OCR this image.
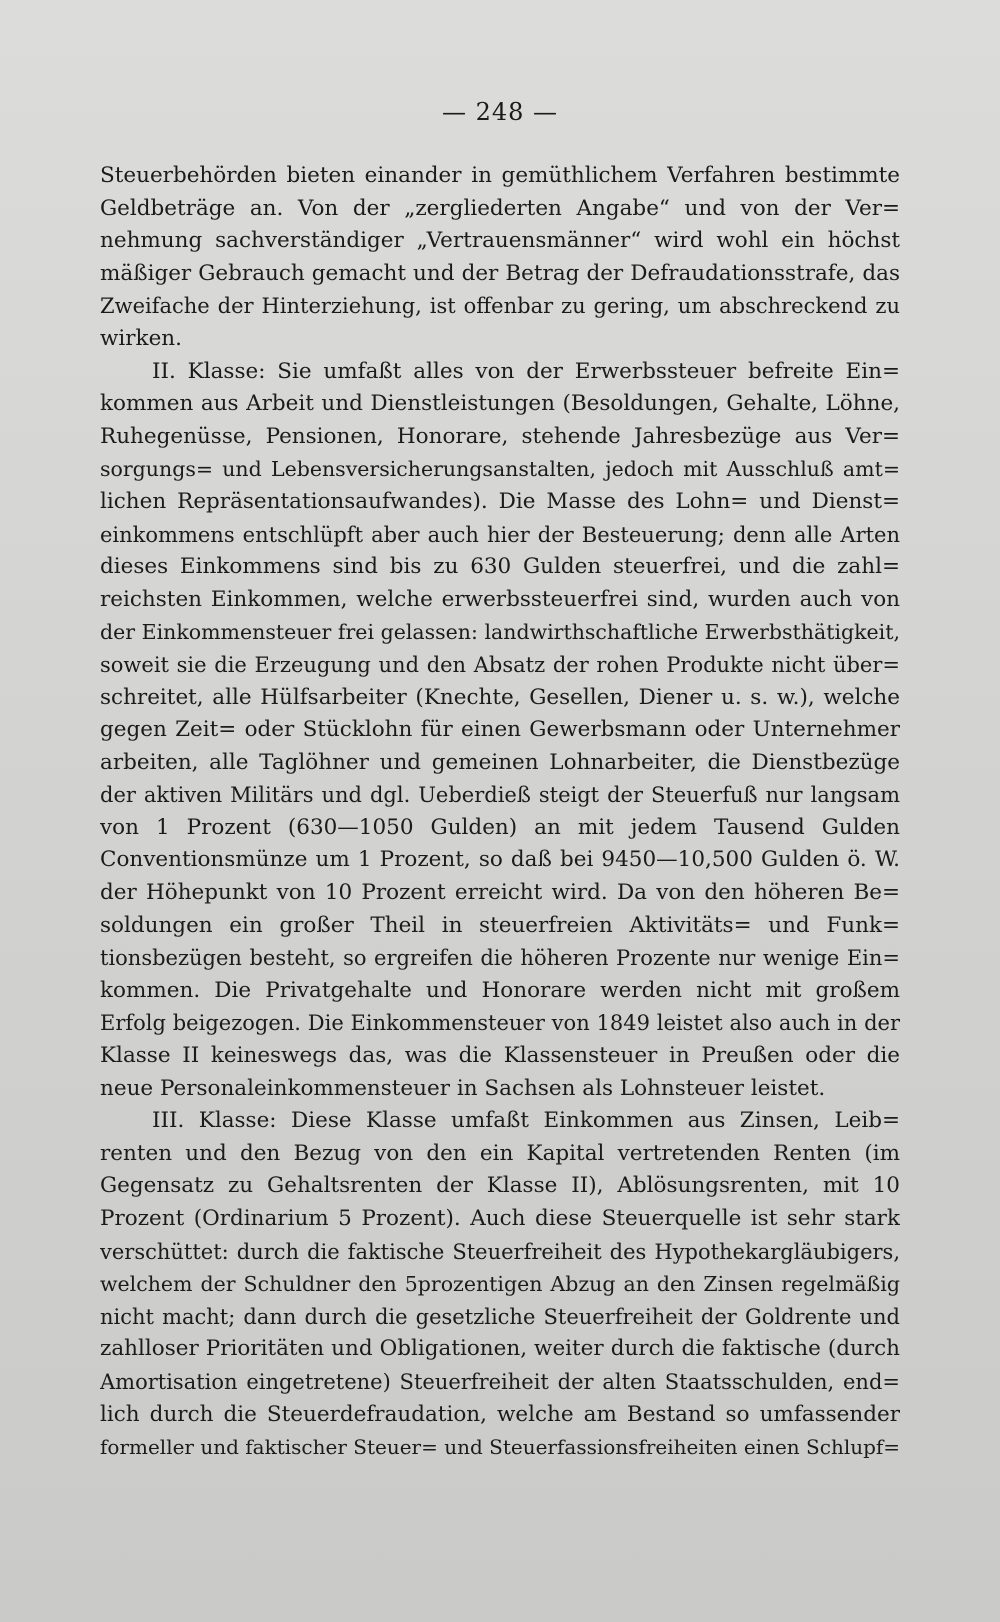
— 248 —
Steuerbehörden bieten einander in gemüthlichem Verfahren bestimmte
Geldbeträge an. Von der „zergliederten Angabe“ und von der Ver=
nehmung sachverständiger „Vertrauensmänner“ wird wohl ein höchst
mäßiger Gebrauch gemacht und der Betrag der Defraudationsstrafe, das
Zweifache der Hinterziehung, ist offenbar zu gering, um abschreckend zu
wirken.
II. Klasse: Sie umfaßt alles von der Erwerbssteuer befreite Ein=
kommen aus Arbeit und Dienstleistungen (Besoldungen, Gehalte, Löhne,
Ruhegenüsse, Pensionen, Honorare, stehende Jahresbezüge aus Ver=
sorgungs= und Lebensversicherungsanstalten, jedoch mit Ausschluß amt=
lichen Repräsentationsaufwandes). Die Masse des Lohn= und Dienst=
einkommens entschlüpft aber auch hier der Besteuerung; denn alle Arten
dieses Einkommens sind bis zu 630 Gulden steuerfrei, und die zahl=
reichsten Einkommen, welche erwerbssteuerfrei sind, wurden auch von
der Einkommensteuer frei gelassen: landwirthschaftliche Erwerbsthätigkeit,
soweit sie die Erzeugung und den Absatz der rohen Produkte nicht über=
schreitet, alle Hülfsarbeiter (Knechte, Gesellen, Diener u. s. w.), welche
gegen Zeit= oder Stücklohn für einen Gewerbsmann oder Unternehmer
arbeiten, alle Taglöhner und gemeinen Lohnarbeiter, die Dienstbezüge
der aktiven Militärs und dgl. Ueberdieß steigt der Steuerfuß nur langsam
von 1 Prozent (630—1050 Gulden) an mit jedem Tausend Gulden
Conventionsmünze um 1 Prozent, so daß bei 9450—10,500 Gulden ö. W.
der Höhepunkt von 10 Prozent erreicht wird. Da von den höheren Be=
soldungen ein großer Theil in steuerfreien Aktivitäts= und Funk=
tionsbezügen besteht, so ergreifen die höheren Prozente nur wenige Ein=
kommen. Die Privatgehalte und Honorare werden nicht mit großem
Erfolg beigezogen. Die Einkommensteuer von 1849 leistet also auch in der
Klasse II keineswegs das, was die Klassensteuer in Preußen oder die
neue Personaleinkommensteuer in Sachsen als Lohnsteuer leistet.
III. Klasse: Diese Klasse umfaßt Einkommen aus Zinsen, Leib=
renten und den Bezug von den ein Kapital vertretenden Renten (im
Gegensatz zu Gehaltsrenten der Klasse II), Ablösungsrenten, mit 10
Prozent (Ordinarium 5 Prozent). Auch diese Steuerquelle ist sehr stark
verschüttet: durch die faktische Steuerfreiheit des Hypothekargläubigers,
welchem der Schuldner den 5prozentigen Abzug an den Zinsen regelmäßig
nicht macht; dann durch die gesetzliche Steuerfreiheit der Goldrente und
zahlloser Prioritäten und Obligationen, weiter durch die faktische (durch
Amortisation eingetretene) Steuerfreiheit der alten Staatsschulden, end=
lich durch die Steuerdefraudation, welche am Bestand so umfassender
formeller und faktischer Steuer= und Steuerfassionsfreiheiten einen Schlupf=
